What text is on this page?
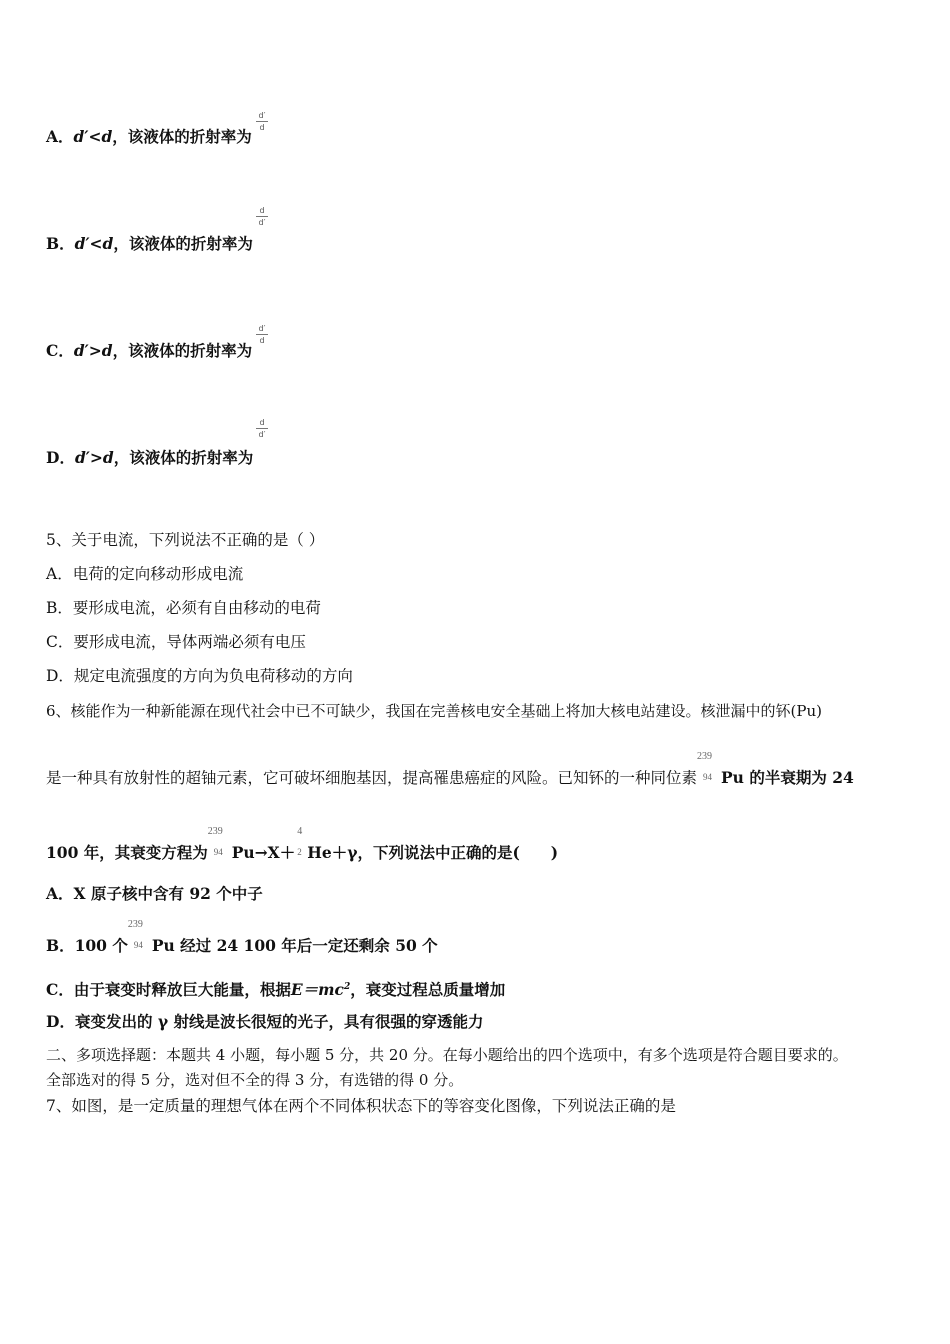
A．d′<d，该液体的折射率为
d′
d
B．d′<d，该液体的折射率为
d
d′
C．d′>d，该液体的折射率为
d′
d
D．d′>d，该液体的折射率为
d
d′
5、关于电流，下列说法不正确的是（ ）
A．电荷的定向移动形成电流
B．要形成电流，必须有自由移动的电荷
C．要形成电流，导体两端必须有电压
D．规定电流强度的方向为负电荷移动的方向
6、核能作为一种新能源在现代社会中已不可缺少，我国在完善核电安全基础上将加大核电站建设。核泄漏中的钚(Pu)
是一种具有放射性的超铀元素，它可破坏细胞基因，提高罹患癌症的风险。已知钚的一种同位素
239
94 Pu 的半衰期为 24
100 年，其衰变方程为
239
94 Pu→X＋
4
2 He＋γ，下列说法中正确的是(　　)
A．X 原子核中含有 92 个中子
B．100 个
239
94 Pu 经过 24 100 年后一定还剩余 50 个
C．由于衰变时释放巨大能量，根据$E=mc^2$，衰变过程总质量增加
D．衰变发出的 γ 射线是波长很短的光子，具有很强的穿透能力
二、多项选择题：本题共 4 小题，每小题 5 分，共 20 分。在每小题给出的四个选项中，有多个选项是符合题目要求的。
全部选对的得 5 分，选对但不全的得 3 分，有选错的得 0 分。
7、如图，是一定质量的理想气体在两个不同体积状态下的等容变化图像，下列说法正确的是
